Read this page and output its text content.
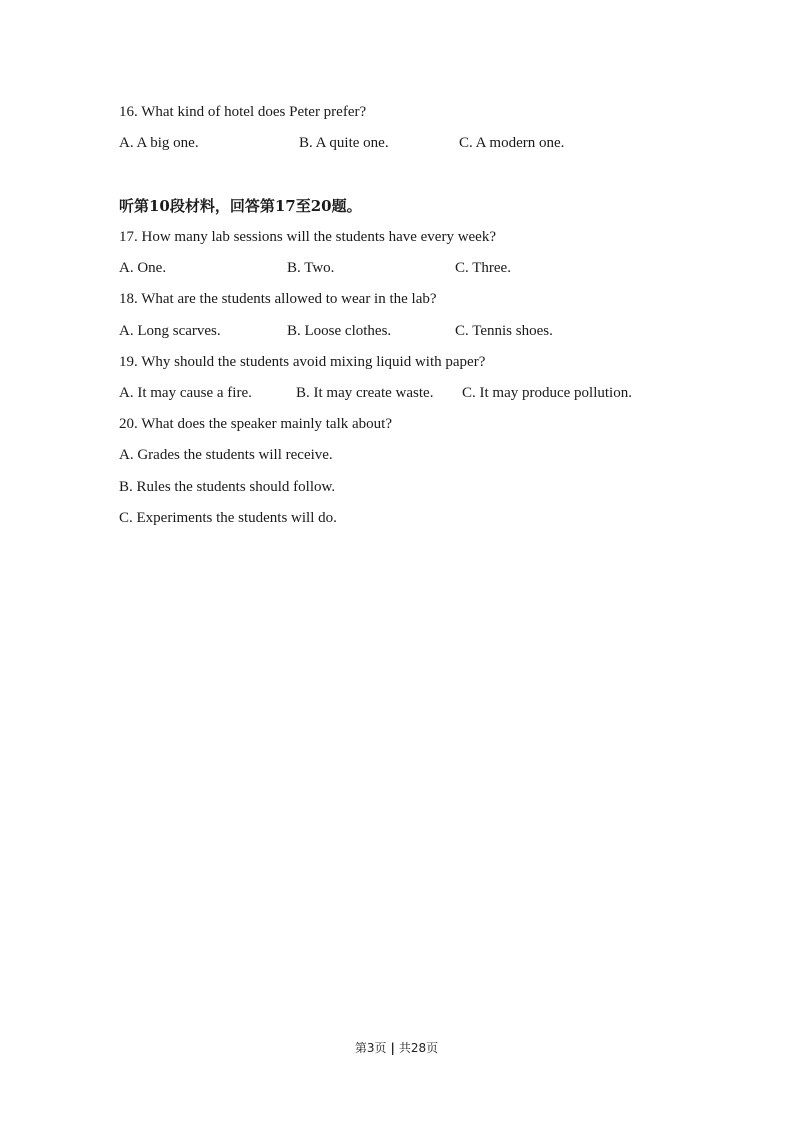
16. What kind of hotel does Peter prefer?
A. A big one.	B. A quite one.	C. A modern one.
听第10段材料，回答第17至20题。
17. How many lab sessions will the students have every week?
A. One.	B. Two.	C. Three.
18. What are the students allowed to wear in the lab?
A. Long scarves.	B. Loose clothes.	C. Tennis shoes.
19. Why should the students avoid mixing liquid with paper?
A. It may cause a fire.	B. It may create waste. C. It may produce pollution.
20. What does the speaker mainly talk about?
A. Grades the students will receive.
B. Rules the students should follow.
C. Experiments the students will do.
第3页 | 共28页
